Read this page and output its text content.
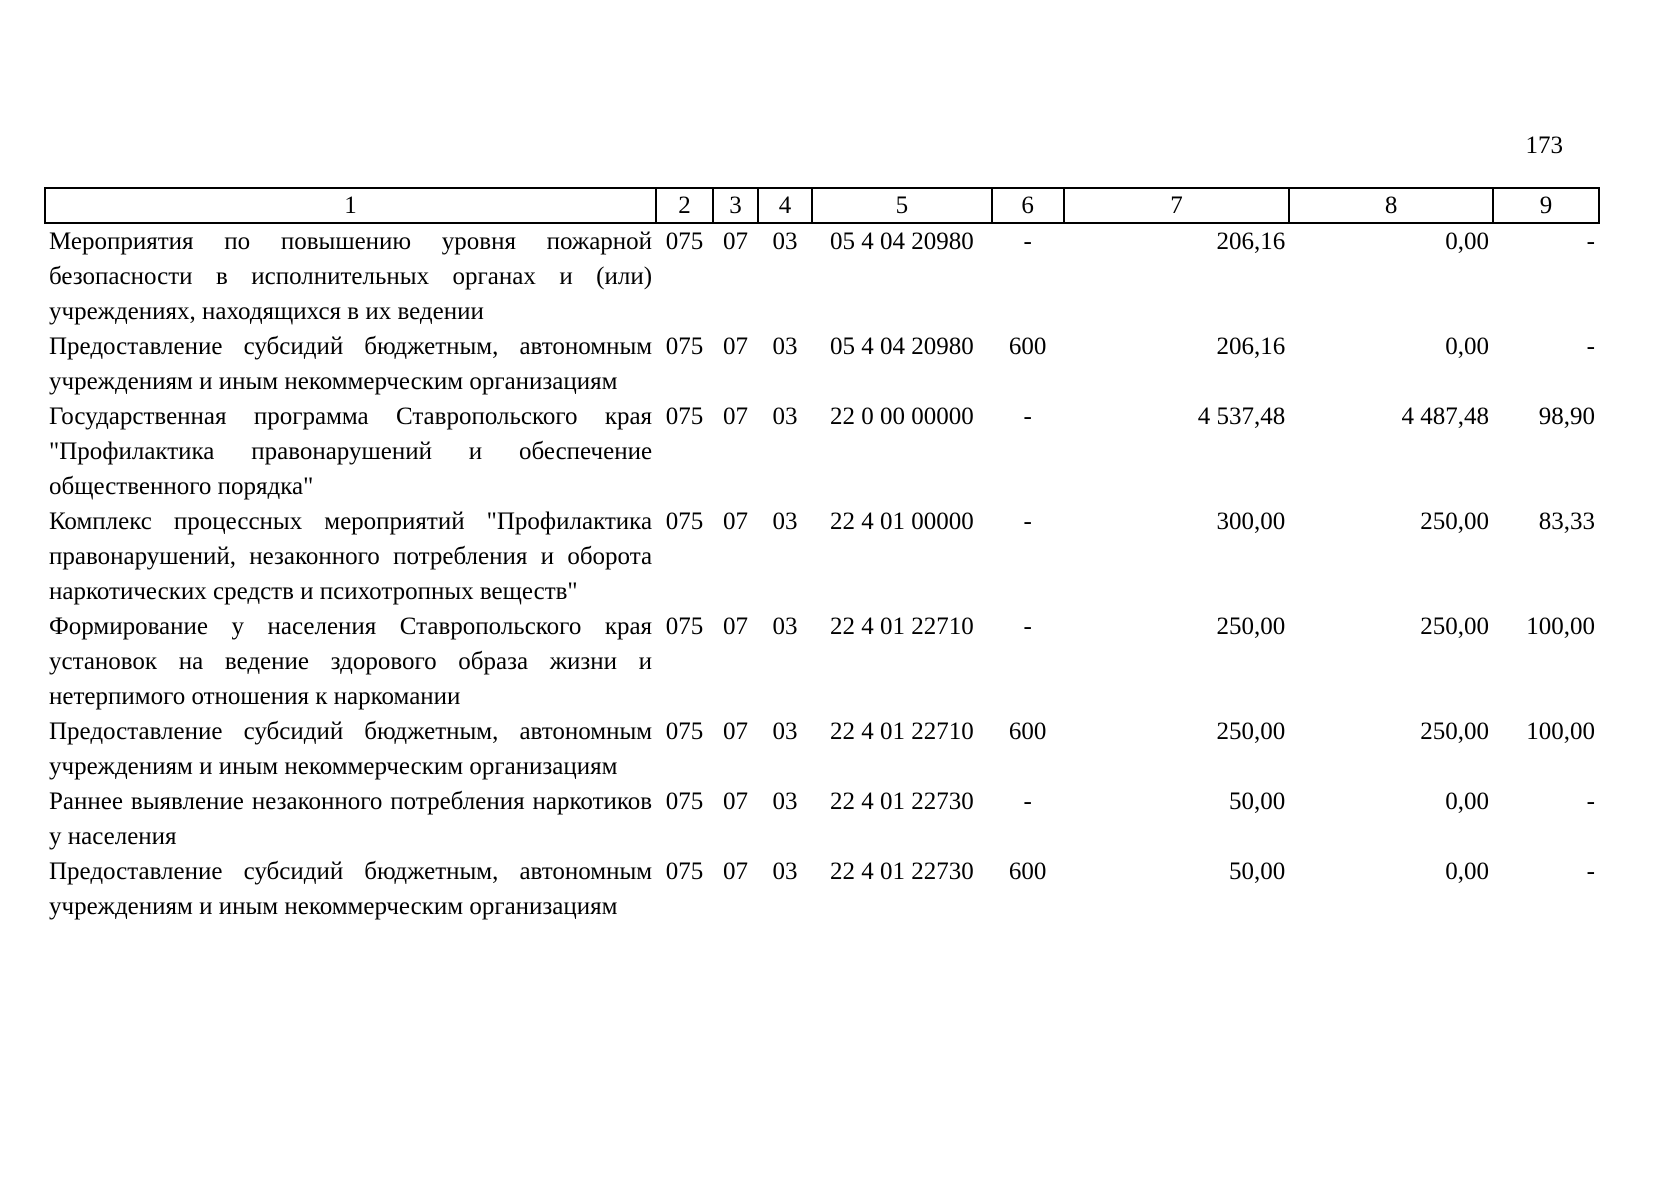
173
1	2	3	4	5	6	7	8	9
Мероприятия по повышению уровня пожарной безопасности в исполнительных органах и (или) учреждениях, находящихся в их ведении	075	07	03	05 4 04 20980	-	206,16	0,00	-
Предоставление субсидий бюджетным, автономным учреждениям и иным некоммерческим организациям	075	07	03	05 4 04 20980	600	206,16	0,00	-
Государственная программа Ставропольского края "Профилактика правонарушений и обеспечение общественного порядка"	075	07	03	22 0 00 00000	-	4 537,48	4 487,48	98,90
Комплекс процессных мероприятий "Профилактика правонарушений, незаконного потребления и оборота наркотических средств и психотропных веществ"	075	07	03	22 4 01 00000	-	300,00	250,00	83,33
Формирование у населения Ставропольского края установок на ведение здорового образа жизни и нетерпимого отношения к наркомании	075	07	03	22 4 01 22710	-	250,00	250,00	100,00
Предоставление субсидий бюджетным, автономным учреждениям и иным некоммерческим организациям	075	07	03	22 4 01 22710	600	250,00	250,00	100,00
Раннее выявление незаконного потребления наркотиков у населения	075	07	03	22 4 01 22730	-	50,00	0,00	-
Предоставление субсидий бюджетным, автономным учреждениям и иным некоммерческим организациям	075	07	03	22 4 01 22730	600	50,00	0,00	-
